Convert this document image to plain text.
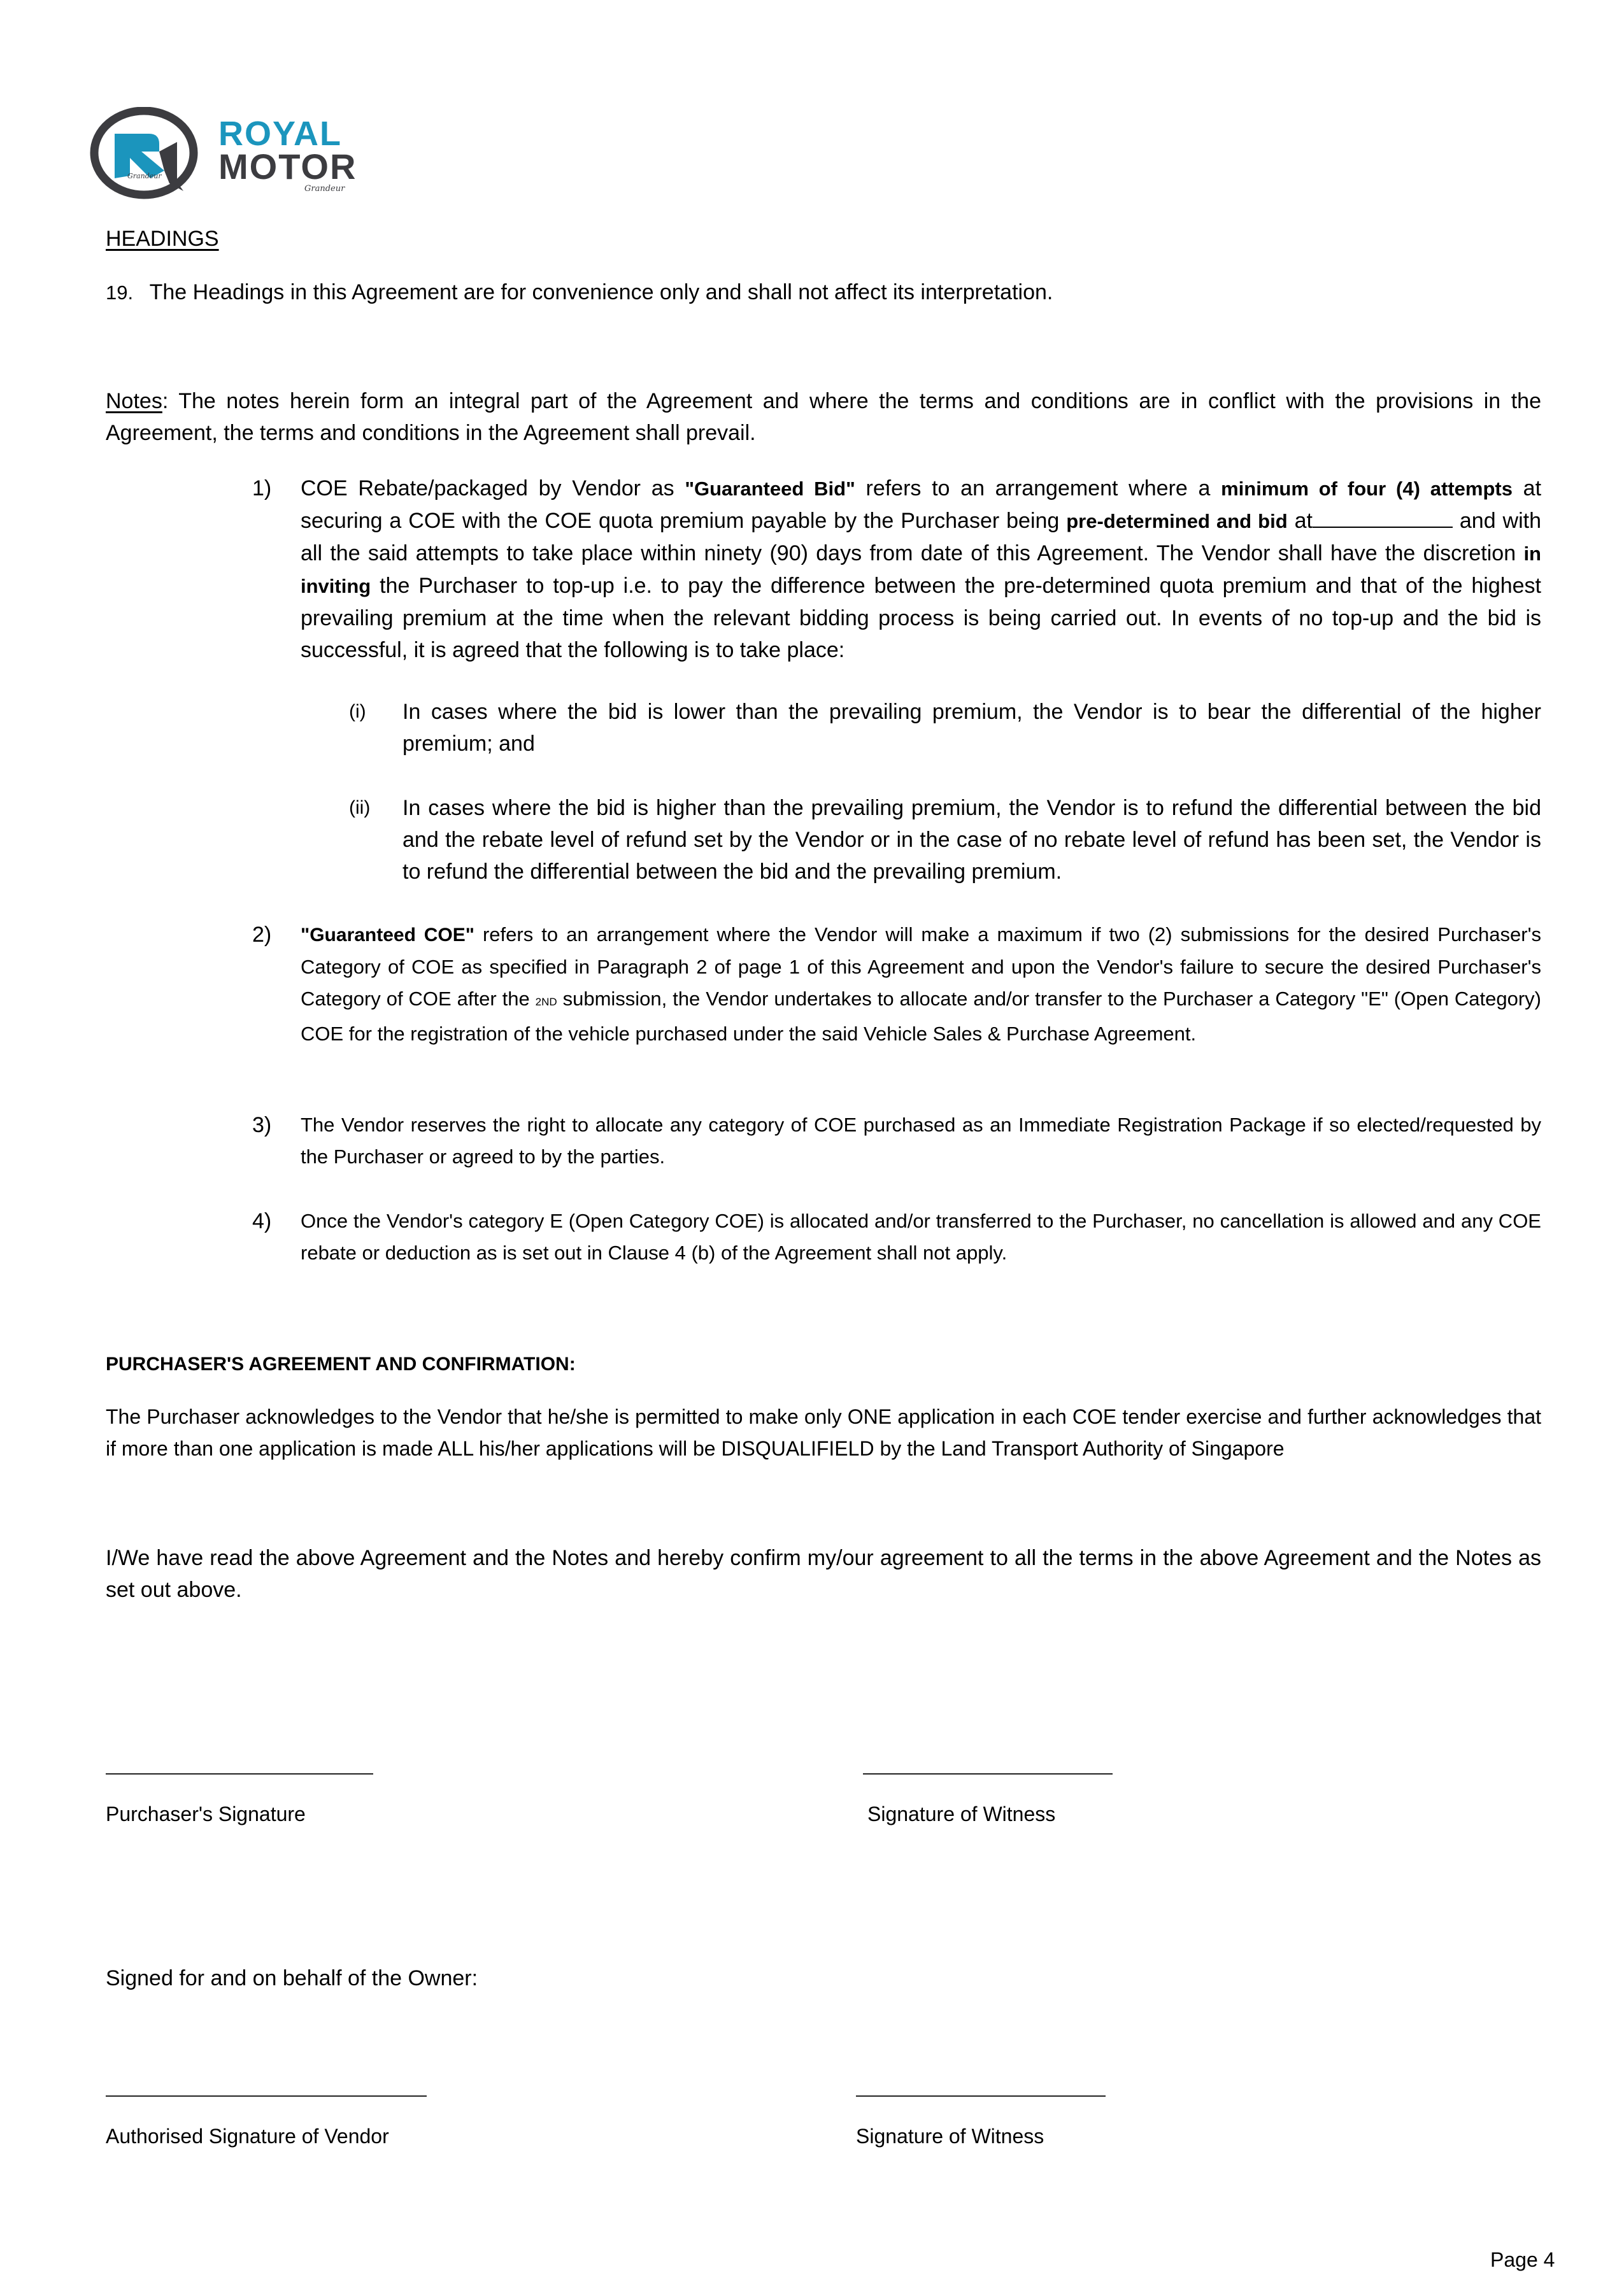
Grandeur
ROYAL
MOTOR
Grandeur
HEADINGS
19. The Headings in this Agreement are for convenience only and shall not affect its interpretation.
Notes: The notes herein form an integral part of the Agreement and where the terms and conditions are in conflict with the provisions in the Agreement, the terms and conditions in the Agreement shall prevail.
1) COE Rebate/packaged by Vendor as "Guaranteed Bid" refers to an arrangement where a minimum of four (4) attempts at securing a COE with the COE quota premium payable by the Purchaser being pre-determined and bid at	and with all the said attempts to take place within ninety (90) days from date of this Agreement. The Vendor shall have the discretion in inviting the Purchaser to top-up i.e. to pay the difference between the pre-determined quota premium and that of the highest prevailing premium at the time when the relevant bidding process is being carried out. In events of no top-up and the bid is successful, it is agreed that the following is to take place:
(i) In cases where the bid is lower than the prevailing premium, the Vendor is to bear the differential of the higher premium; and
(ii) In cases where the bid is higher than the prevailing premium, the Vendor is to refund the differential between the bid and the rebate level of refund set by the Vendor or in the case of no rebate level of refund has been set, the Vendor is to refund the differential between the bid and the prevailing premium.
2) "Guaranteed COE" refers to an arrangement where the Vendor will make a maximum if two (2) submissions for the desired Purchaser's Category of COE as specified in Paragraph 2 of page 1 of this Agreement and upon the Vendor's failure to secure the desired Purchaser's Category of COE after the 2ND submission, the Vendor undertakes to allocate and/or transfer to the Purchaser a Category "E" (Open Category) COE for the registration of the vehicle purchased under the said Vehicle Sales & Purchase Agreement.
3) The Vendor reserves the right to allocate any category of COE purchased as an Immediate Registration Package if so elected/requested by the Purchaser or agreed to by the parties.
4) Once the Vendor's category E (Open Category COE) is allocated and/or transferred to the Purchaser, no cancellation is allowed and any COE rebate or deduction as is set out in Clause 4 (b) of the Agreement shall not apply.
PURCHASER'S AGREEMENT AND CONFIRMATION:
The Purchaser acknowledges to the Vendor that he/she is permitted to make only ONE application in each COE tender exercise and further acknowledges that if more than one application is made ALL his/her applications will be DISQUALIFIELD by the Land Transport Authority of Singapore
I/We have read the above Agreement and the Notes and hereby confirm my/our agreement to all the terms in the above Agreement and the Notes as set out above.
Purchaser's Signature	Signature of Witness
Signed for and on behalf of the Owner:
Authorised Signature of Vendor	Signature of Witness
Page 4
